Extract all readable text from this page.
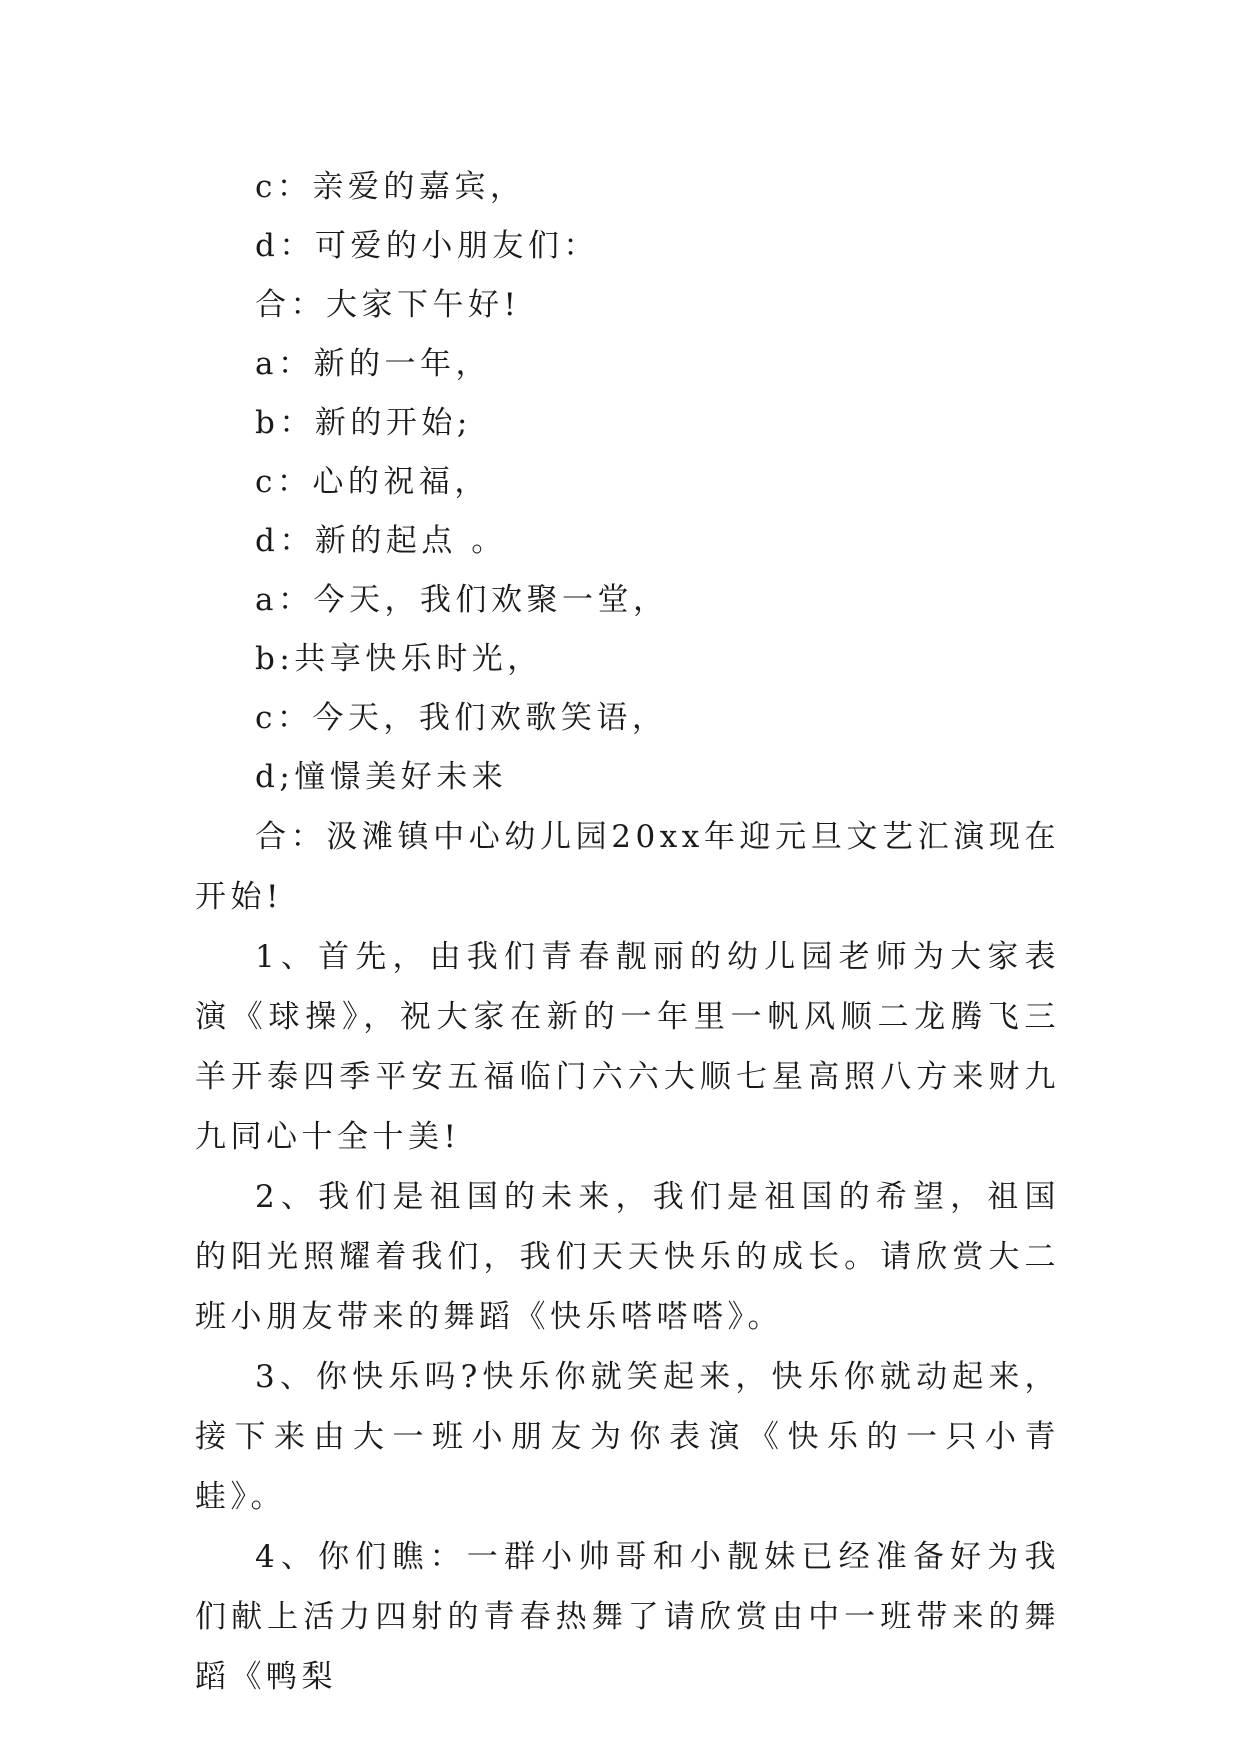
c：亲爱的嘉宾，
d：可爱的小朋友们：
合：大家下午好!
a：新的一年，
b：新的开始;
c：心的祝福，
d：新的起点 。
a：今天，我们欢聚一堂，
b:共享快乐时光，
c：今天，我们欢歌笑语，
d;憧憬美好未来

合：汲滩镇中心幼儿园20xx年迎元旦文艺汇演现在开始!

1、首先，由我们青春靓丽的幼儿园老师为大家表演《球操》，祝大家在新的一年里一帆风顺二龙腾飞三羊开泰四季平安五福临门六六大顺七星高照八方来财九九同心十全十美!

2、我们是祖国的未来，我们是祖国的希望，祖国的阳光照耀着我们，我们天天快乐的成长。请欣赏大二班小朋友带来的舞蹈《快乐嗒嗒嗒》。

3、你快乐吗?快乐你就笑起来，快乐你就动起来，接下来由大一班小朋友为你表演《快乐的一只小青蛙》。

4、你们瞧：一群小帅哥和小靓妹已经准备好为我们献上活力四射的青春热舞了请欣赏由中一班带来的舞蹈《鸭梨
